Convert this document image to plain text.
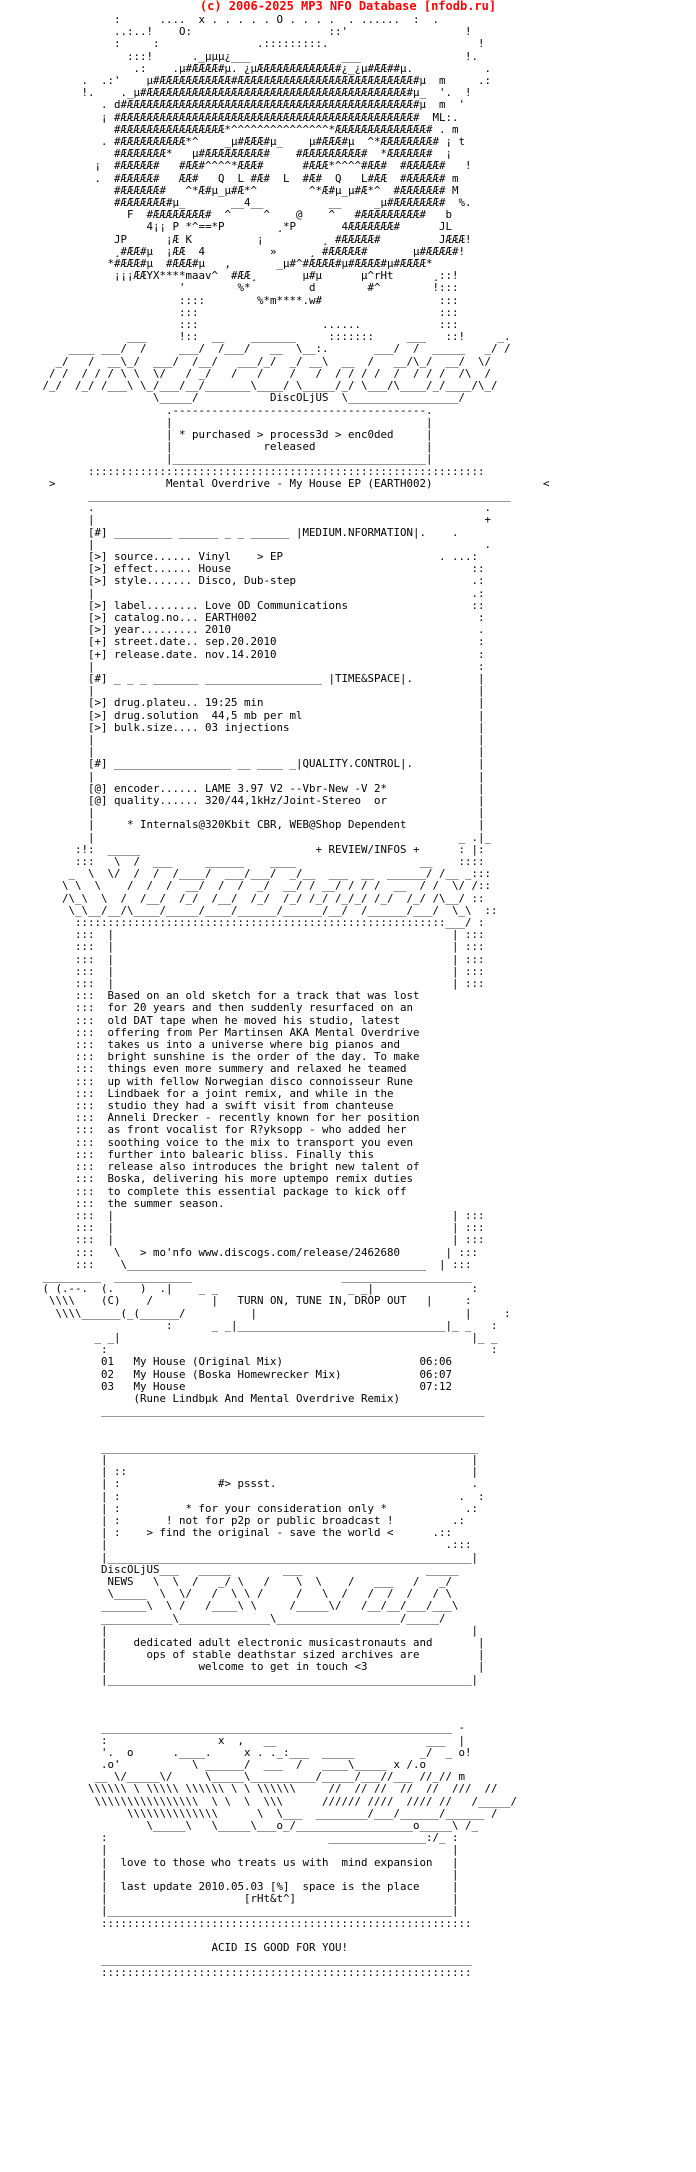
(c) 2006-2025 MP3 NFO Database [nfodb.ru]
:      ....  x . . . . . O . . . .  . ......  :  .
..:..!    O:                     ::'                  !
:     :               .:::::::::.                       !
:::!      ._µµµ¿___              ___                !.
.:    .µ#ÆÆÆÆ#µ. ¿µÆÆÆÆÆÆÆÆÆÆÆÆ#¿_¿µ#ÆÆ##µ.           .
.  .:'    µ#ÆÆÆÆÆÆÆÆÆÆÆ#ÆÆÆÆÆÆÆÆÆÆÆÆÆÆÆÆÆÆÆÆÆÆÆÆÆÆÆ#µ  m     .:
!.    ._µ#ÆÆÆÆÆÆÆÆÆÆÆÆÆÆÆÆÆÆÆÆÆÆÆÆÆÆÆÆÆÆÆÆÆÆÆÆÆÆÆÆ#µ_  '.  !
. d#ÆÆÆÆÆÆÆÆÆÆÆÆÆÆÆÆÆÆÆÆÆÆÆÆÆÆÆÆÆÆÆÆÆÆÆÆÆÆÆÆÆÆÆÆ#µ  m  '
¡ #ÆÆÆÆÆÆÆÆÆÆÆÆÆÆÆÆÆÆÆÆÆÆÆÆÆÆÆÆÆÆÆÆÆÆÆÆÆÆÆÆÆÆÆÆÆ#  ML:.
#ÆÆÆÆÆÆÆÆÆÆÆÆÆÆÆÆ*^^^^^^^^^^^^^^^*ÆÆÆÆÆÆÆÆÆÆÆÆÆÆ# . m
. #ÆÆÆÆÆÆÆÆÆÆ*^    _µ#ÆÆÆ#µ_    µ#ÆÆÆ#µ  ^*ÆÆÆÆÆÆÆÆ# ¡ t
#ÆÆÆÆÆÆÆ*   µ#ÆÆÆÆÆÆÆÆÆ#    #ÆÆÆÆÆÆÆÆÆ#  *ÆÆÆÆÆÆ#  ¡
¡  #ÆÆÆÆÆ#   #ÆÆ#^^^^*ÆÆÆ#      #ÆÆÆ*^^^^#ÆÆ#  #ÆÆÆÆÆ#   !
.  #ÆÆÆÆÆ#   ÆÆ#   Q  L #Æ#  L  #Æ#  Q   L#ÆÆ  #ÆÆÆÆÆ# m
#ÆÆÆÆÆÆ#   ^*Æ#µ_µ#Æ*^        ^*Æ#µ_µ#Æ*^  #ÆÆÆÆÆÆ# M
#ÆÆÆÆÆÆÆ#µ_       __4__          __     _µ#ÆÆÆÆÆÆÆ#  %.
F  #ÆÆÆÆÆÆÆÆ#  ^     ^    @    ^   #ÆÆÆÆÆÆÆÆÆ#   b
4¡¡ P *^==*P        ¸*P       4ÆÆÆÆÆÆÆ#      JL
JP      ¡Æ K          ¡         ¸ #ÆÆÆÆÆ#         JÆÆÆ!
¸#ÆÆ#µ  ¡ÆÆ  4          »     ¸ #ÆÆÆÆÆ#       µ#ÆÆÆÆ#!
*#ÆÆÆ#µ  #ÆÆÆ#µ   ,       _µ#^#ÆÆÆÆ#µ#ÆÆÆÆ#µ#ÆÆÆÆ*
¡¡¡ÆÆYX****maav^  #ÆÆ¸       µ#µ      µ^rHt      ¸::!
'        %*         d        #^        !:::
::::        %*m****.w#                  :::
:::                                     :::
:::                   ......            :::
___     !::  __    _______     :::::::     ___   ::!     _.
____ ___/  /     ___/  /___/   __  \__:.       ___/  /  _____   _/ /
_/   /  __\_/  ___/  /__/   ___/_/  _/ __\  __  /   __/\_/  __/  \/
/ /  / / / \ \  \/   / _/   /   /    /   /  / / / /  /  / / /  /\  /
/_/  /_/ /___\ \_/___/__/_______\____/ \_____/_/ \___/\____/_/____/\_/
\_____/           DiscOLjUS  \_________________/

.---------------------------------------.
|                                       |
| * purchased > process3d > enc0ded     |
|              released                 |
|_______________________________________|

:::::::::::::::::::::::::::::::::::::::::::::::::::::::::::::

>                 Mental Overdrive - My House EP (EARTH002)                 <

_________________________________________________________________

.                                                            .
|                                                            +
[#] _________ ______ _ _ ______ |MEDIUM.NFORMATION|.    .
|                                                            .
[>] source...... Vinyl    > EP                        . ...:
[>] effect...... House                                     ::
[>] style....... Disco, Dub-step                           .:
|                                                          .:
[>] label........ Love OD Communications                   ::
[>] catalog.no... EARTH002                                  :
[>] year......... 2010                                      .
[+] street.date.. sep.20.2010                               :
[+] release.date. nov.14.2010                               :
|                                                           :
[#] _ _ _ _______ __________________ |TIME&SPACE|.          |
|                                                           |
[>] drug.plateu.. 19:25 min                                 |
[>] drug.solution  44,5 mb per ml                           |
[>] bulk.size.... 03 injections                             |
|                                                           |
|                                                           |
[#] __________________ __ ____ _|QUALITY.CONTROL|.          |
|                                                           |
[@] encoder...... LAME 3.97 V2 --Vbr-New -V 2*              |
[@] quality...... 320/44,1kHz/Joint-Stereo  or              |
|                                                           |
|     * Internals@320Kbit CBR, WEB@Shop Dependent           |
|                                                        _ .|_
:!:  _____                           + REVIEW/INFOS +      : |:
:::   \  /  ___     ______    ____                   __    ::::
_  \  \/  /  /  /____/  ___/___/  _/__  ___  __  ______/ /__ _:::
\ \  \    /  /  /  __/  /  /  _/  __/ / __/ / / /  __  / /  \/ /::
/\_\  \  /  /__/  /_/  /__/  /_/  /_/ /_/ /_/_/ /_/  /_/ /\__/ ::
\_\__/__/\____/_____/____/______/______/__/  /______/___/  \_\  ::
:::::::::::::::::::::::::::::::::::::::::::::::::::::::::___/ :
:::  |                                                    | :::
:::  |                                                    | :::
:::  |                                                    | :::
:::  |                                                    | :::
:::  |                                                    | :::

:::  Based on an old sketch for a track that was lost
:::  for 20 years and then suddenly resurfaced on an
:::  old DAT tape when he moved his studio, latest
:::  offering from Per Martinsen AKA Mental Overdrive
:::  takes us into a universe where big pianos and
:::  bright sunshine is the order of the day. To make
:::  things even more summery and relaxed he teamed
:::  up with fellow Norwegian disco connoisseur Rune
:::  Lindbaek for a joint remix, and while in the
:::  studio they had a swift visit from chanteuse
:::  Anneli Drecker - recently known for her position
:::  as front vocalist for R?yksopp - who added her
:::  soothing voice to the mix to transport you even
:::  further into balearic bliss. Finally this
:::  release also introduces the bright new talent of
:::  Boska, delivering his more uptempo remix duties
:::  to complete this essential package to kick off
:::  the summer season.
:::  |                                                    | :::
:::  |                                                    | :::
:::  |                                                    | :::
:::   \   > mo'nfo www.discogs.com/release/2462680       | :::
:::    \______________________________________________  | :::

_________  ____________                       ____________________
( (.--.  (.    )  .|    _ _                    _ _|               :
\\\\    (C)    /         |   TURN ON, TUNE IN, DROP OUT   |     :
\\\\______(_(______/          |                                |     :
:      _ _|________________________________|_ _   :
_ _|                                                      |_ _
:                                                           :

01   My House (Original Mix)                     06:06
02   My House (Boska Homewrecker Mix)            06:07
03   My House                                    07:12
(Rune Lindbµk And Mental Overdrive Remix)
___________________________________________________________

__________________________________________________________
|                                                        |
| ::                                                     |
| :               #> pssst.                              .
| :                                                    .  :
| :          * for your consideration only *            .:
| :       ! not for p2p or public broadcast !         .:
| :    > find the original - save the world <      .::
|                                                    .:::
|________________________________________________________|
DiscOLjUS___   _____        ___                   _____
NEWS   \  \  /   _/ \   /    \  \    /   ___   /   _/
\_____  \  \/   /  \ \ /     /   \  /   /  /  /   / \
_______\  \ /   /____\ \     /_____\/   /__/__/___/___\
___________\______________\___________________/_____/
|                                                        |
|    dedicated adult electronic musicastronauts and       |
|      ops of stable deathstar sized archives are         |
|              welcome to get in touch <3                 |
|________________________________________________________|

______________________________________________________ -
:                 x  ,   __                       ___  |
'.  o      .____.     x . ._:___  _____          _/  _ o!
.o'           \ ______/  ___  /   ____\_____ x /.o
__ \/_____\/     \_____\__________/_____/___//___ //_// m
\\\\\\ \ \\\\\ \\\\\\ \ \ \\\\\\     //  // //  //  //  ///  //
\\\\\\\\\\\\\\\\  \ \  \  \\\      ////// ////  //// //   /_____/
\\\\\\\\\\\\\\      \  \___  ________/___/______/______ /
\_____\   \_____\___o_/__________________o_____\ /_
:                                  _______________:/_ :
|                                                     |
|  love to those who treats us with  mind expansion   |
|                                                     |
|  last update 2010.05.03 [%]  space is the place     |
|                     [rHt&t^]                        |
|_____________________________________________________|
:::::::::::::::::::::::::::::::::::::::::::::::::::::::::

ACID IS GOOD FOR YOU!
_________________________________________________________
:::::::::::::::::::::::::::::::::::::::::::::::::::::::::
